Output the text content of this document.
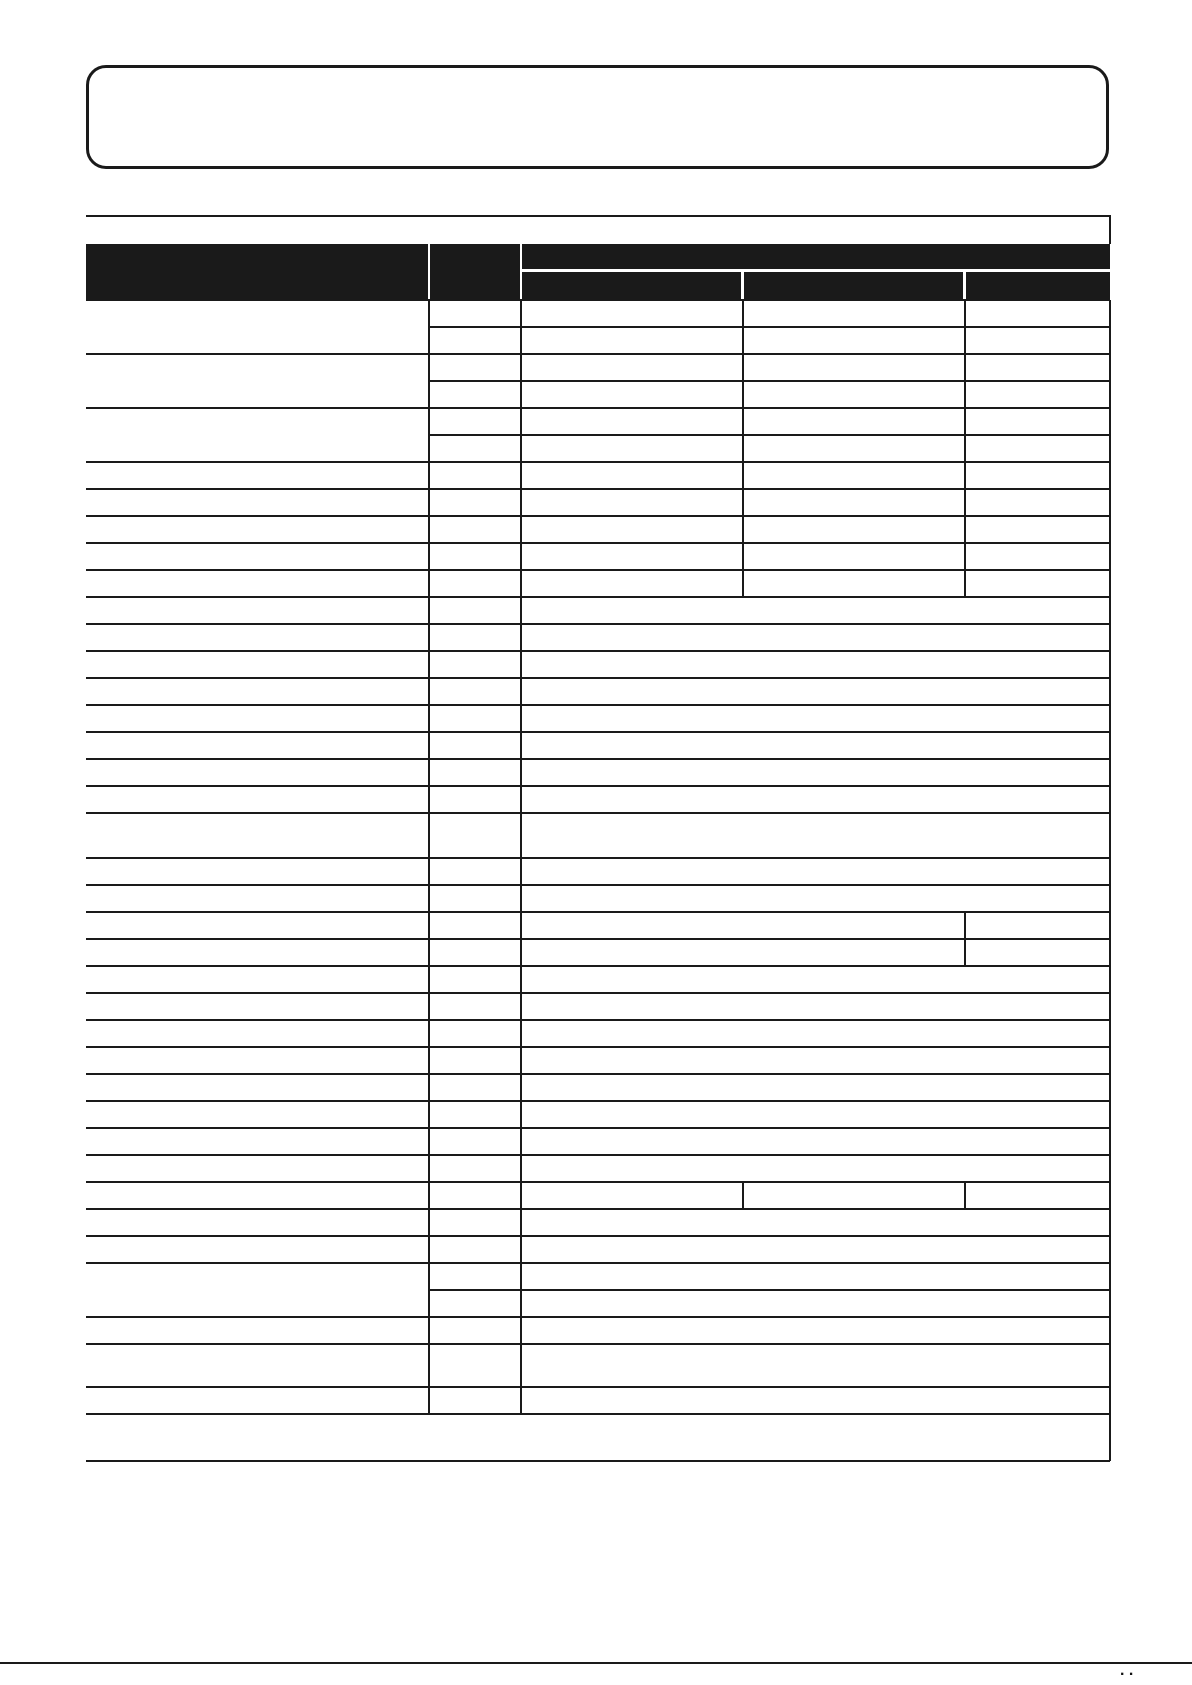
. .
